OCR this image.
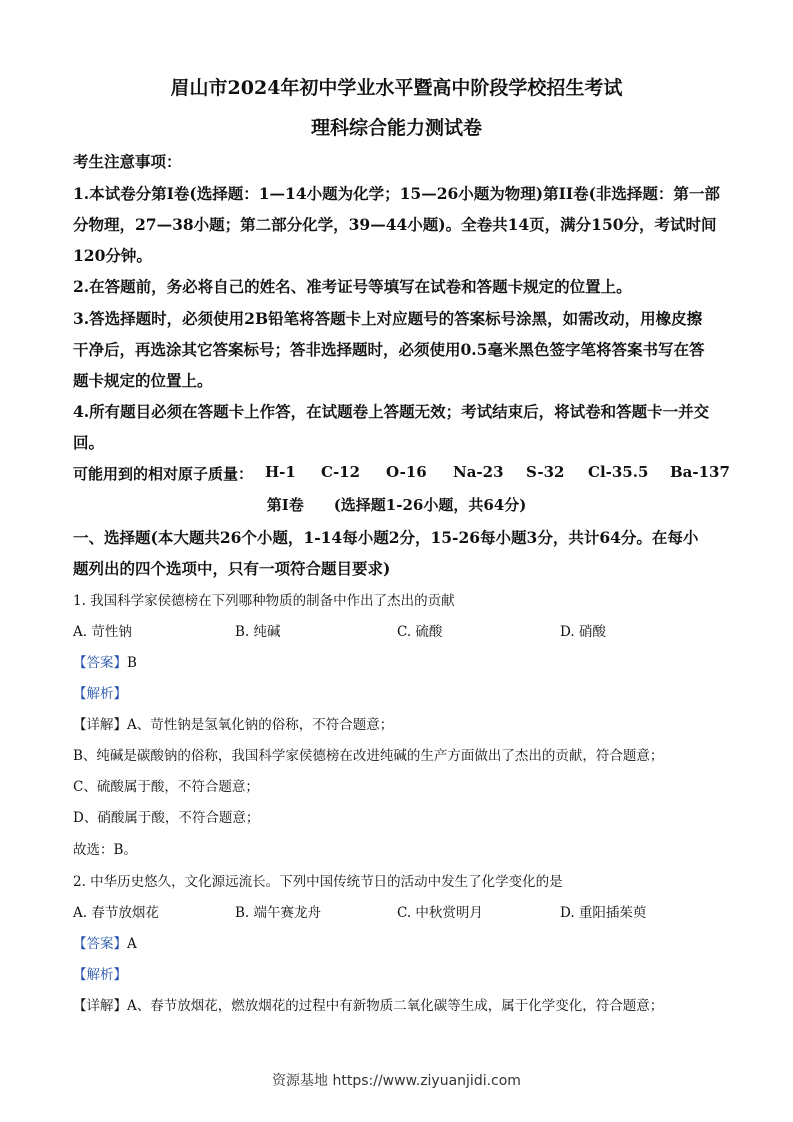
眉山市2024年初中学业水平暨高中阶段学校招生考试
理科综合能力测试卷
考生注意事项：
1.本试卷分第I卷(选择题：1—14小题为化学；15—26小题为物理)第II卷(非选择题：第一部
分物理，27—38小题；第二部分化学，39—44小题)。全卷共14页，满分150分，考试时间
120分钟。
2.在答题前，务必将自己的姓名、准考证号等填写在试卷和答题卡规定的位置上。
3.答选择题时，必须使用2B铅笔将答题卡上对应题号的答案标号涂黑，如需改动，用橡皮擦
干净后，再选涂其它答案标号；答非选择题时，必须使用0.5毫米黑色签字笔将答案书写在答
题卡规定的位置上。
4.所有题目必须在答题卡上作答，在试题卷上答题无效；考试结束后，将试卷和答题卡一并交
回。
可能用到的相对原子质量： H-1 C-12 O-16 Na-23 S-32 Cl-35.5 Ba-137
第I卷　　(选择题1-26小题，共64分)
一、选择题(本大题共26个小题，1-14每小题2分，15-26每小题3分，共计64分。在每小
题列出的四个选项中，只有一项符合题目要求)
1. 我国科学家侯德榜在下列哪种物质的制备中作出了杰出的贡献
A. 苛性钠	B. 纯碱	C. 硫酸	D. 硝酸
【答案】B
【解析】
【详解】A、苛性钠是氢氧化钠的俗称，不符合题意；
B、纯碱是碳酸钠的俗称，我国科学家侯德榜在改进纯碱的生产方面做出了杰出的贡献，符合题意；
C、硫酸属于酸，不符合题意；
D、硝酸属于酸，不符合题意；
故选：B。
2. 中华历史悠久，文化源远流长。下列中国传统节日的活动中发生了化学变化的是
A. 春节放烟花	B. 端午赛龙舟	C. 中秋赏明月	D. 重阳插茱萸
【答案】A
【解析】
【详解】A、春节放烟花，燃放烟花的过程中有新物质二氧化碳等生成，属于化学变化，符合题意；
资源基地 https://www.ziyuanjidi.com
